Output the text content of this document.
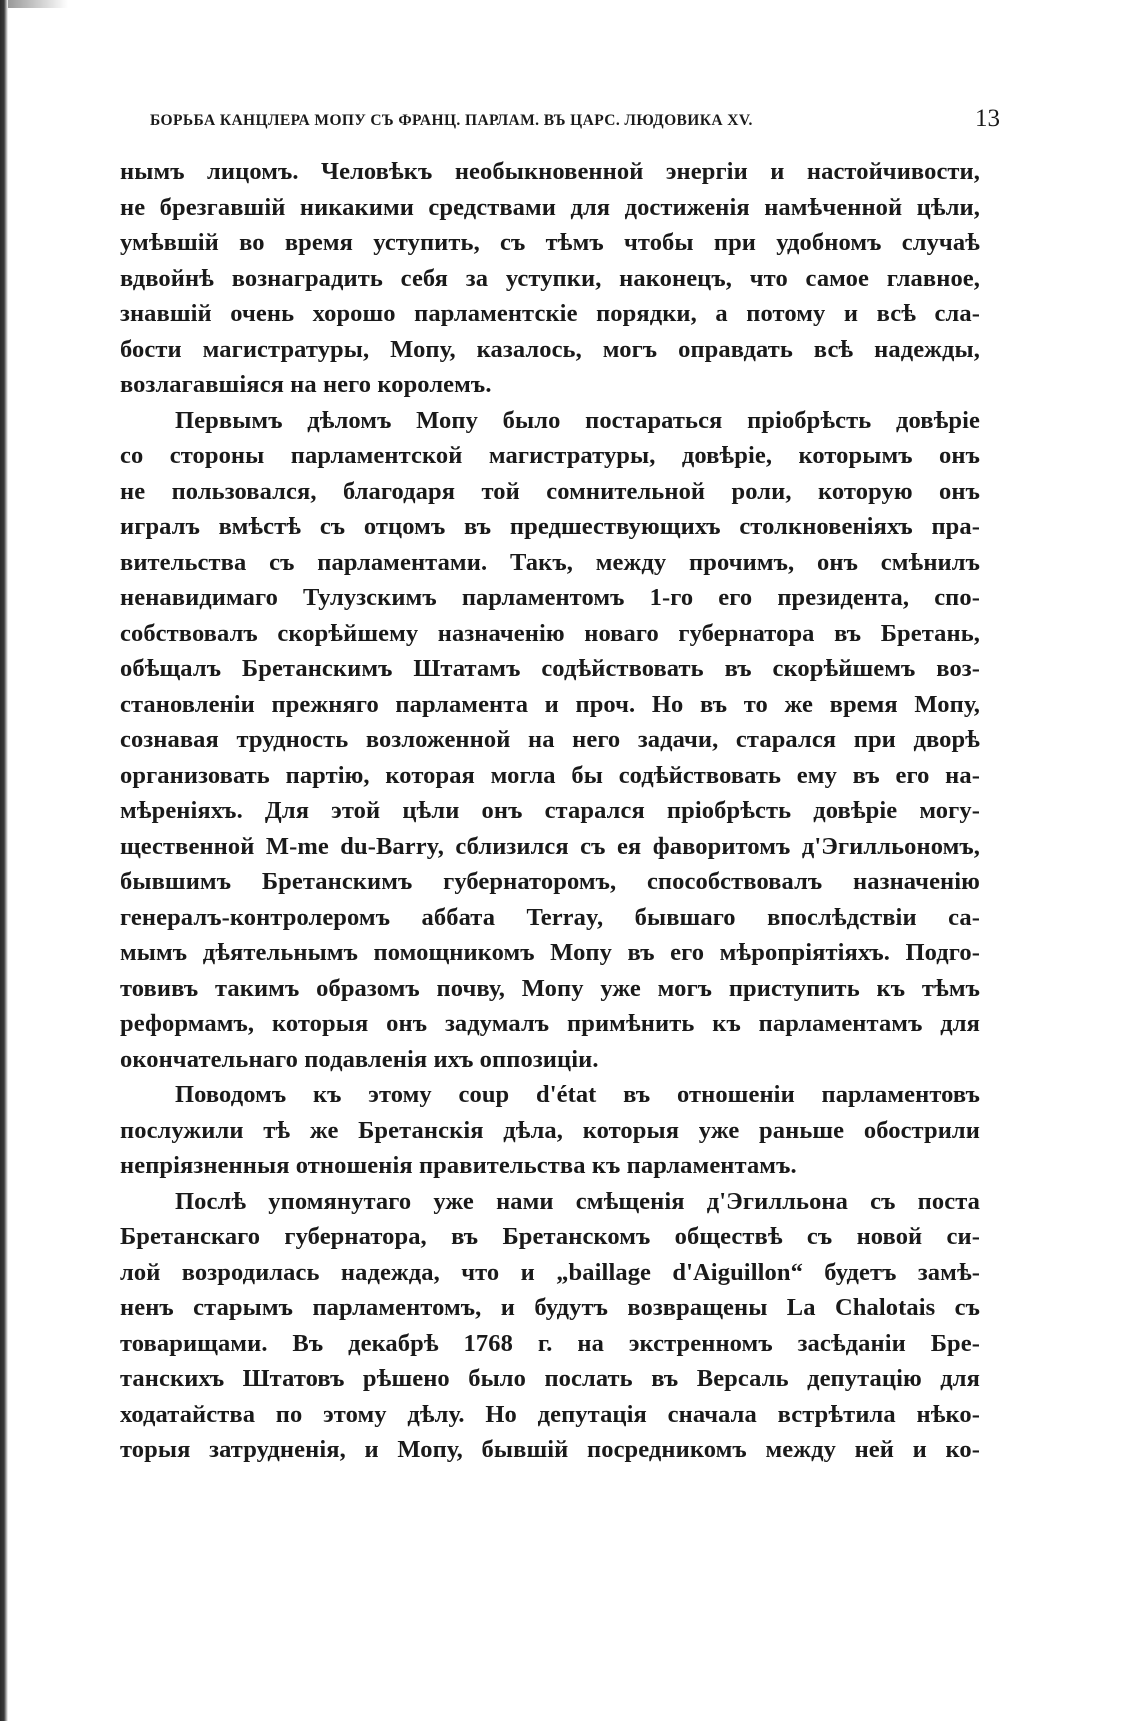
БОРЬБА КАНЦЛЕРА МОПУ СЪ ФРАНЦ. ПАРЛАМ. ВЪ ЦАРС. ЛЮДОВИКА XV.	13
нымъ лицомъ. Человѣкъ необыкновенной энергіи и настойчивости,
не брезгавшій никакими средствами для достиженія намѣченной цѣли,
умѣвшій во время уступить, съ тѣмъ чтобы при удобномъ случаѣ
вдвойнѣ вознаградить себя за уступки, наконецъ, что самое главное,
знавшій очень хорошо парламентскіе порядки, а потому и всѣ сла-
бости магистратуры, Мопу, казалось, могъ оправдать всѣ надежды,
возлагавшіяся на него королемъ.
Первымъ дѣломъ Мопу было постараться пріобрѣсть довѣріе
со стороны парламентской магистратуры, довѣріе, которымъ онъ
не пользовался, благодаря той сомнительной роли, которую онъ
игралъ вмѣстѣ съ отцомъ въ предшествующихъ столкновеніяхъ пра-
вительства съ парламентами. Такъ, между прочимъ, онъ смѣнилъ
ненавидимаго Тулузскимъ парламентомъ 1-го его президента, спо-
собствовалъ скорѣйшему назначенію новаго губернатора въ Бретань,
обѣщалъ Бретанскимъ Штатамъ содѣйствовать въ скорѣйшемъ воз-
становленіи прежняго парламента и проч. Но въ то же время Мопу,
сознавая трудность возложенной на него задачи, старался при дворѣ
организовать партію, которая могла бы содѣйствовать ему въ его на-
мѣреніяхъ. Для этой цѣли онъ старался пріобрѣсть довѣріе могу-
щественной M-me du-Barry, сблизился съ ея фаворитомъ д'Эгилльономъ,
бывшимъ Бретанскимъ губернаторомъ, способствовалъ назначенію
генералъ-контролеромъ аббата Terray, бывшаго впослѣдствіи са-
мымъ дѣятельнымъ помощникомъ Мопу въ его мѣропріятіяхъ. Подго-
товивъ такимъ образомъ почву, Мопу уже могъ приступить къ тѣмъ
реформамъ, которыя онъ задумалъ примѣнить къ парламентамъ для
окончательнаго подавленія ихъ оппозиціи.
Поводомъ къ этому coup d'état въ отношеніи парламентовъ
послужили тѣ же Бретанскія дѣла, которыя уже раньше обострили
непріязненныя отношенія правительства къ парламентамъ.
Послѣ упомянутаго уже нами смѣщенія д'Эгилльона съ поста
Бретанскаго губернатора, въ Бретанскомъ обществѣ съ новой си-
лой возродилась надежда, что и „baillage d'Aiguillon“ будетъ замѣ-
ненъ старымъ парламентомъ, и будутъ возвращены La Chalotais съ
товарищами. Въ декабрѣ 1768 г. на экстренномъ засѣданіи Бре-
танскихъ Штатовъ рѣшено было послать въ Версаль депутацію для
ходатайства по этому дѣлу. Но депутація сначала встрѣтила нѣко-
торыя затрудненія, и Мопу, бывшій посредникомъ между ней и ко-
